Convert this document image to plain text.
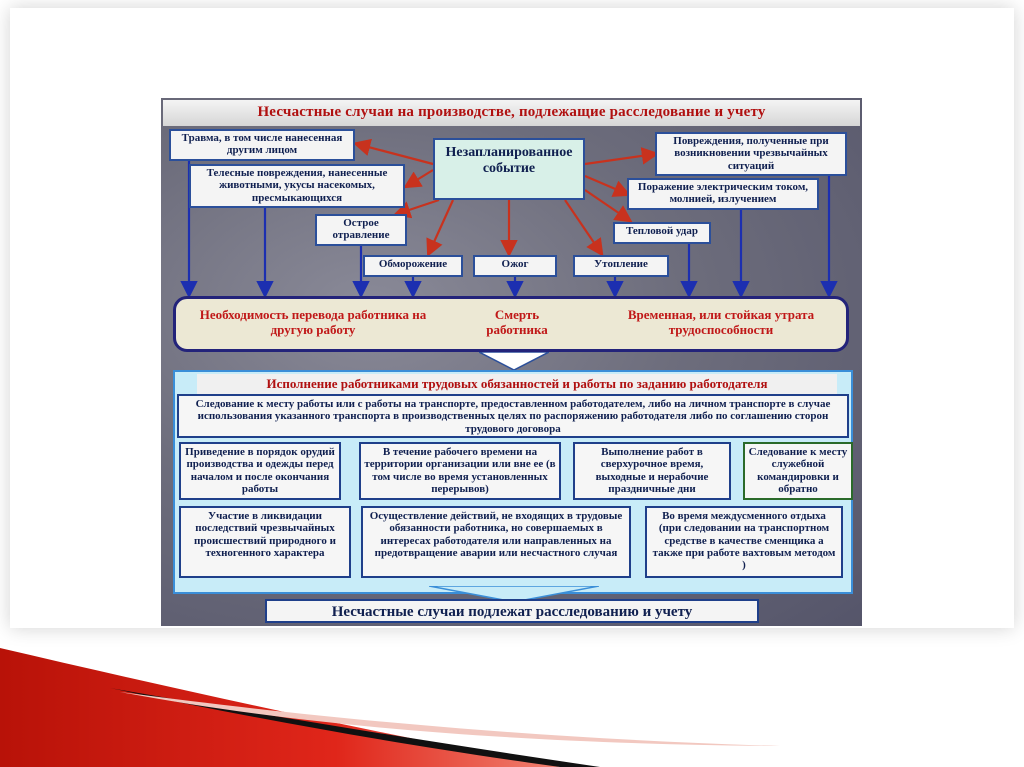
Несчастные случаи на производстве, подлежащие расследование и учету
Травма, в том числе нанесенная другим лицом
Телесные повреждения, нанесенные животными, укусы насекомых, пресмыкающихся
Острое отравление
Незапланированное событие
Повреждения, полученные при возникновении чрезвычайных ситуаций
Поражение электрическим током, молнией, излучением
Тепловой удар
Обморожение	Ожог	Утопление
Необходимость перевода работника на другую работу
Смерть работника
Временная, или стойкая утрата трудоспособности
Исполнение работниками трудовых обязанностей и работы по заданию работодателя
Следование к месту работы или с работы на транспорте, предоставленном работодателем, либо на личном транспорте в случае использования указанного транспорта в производственных целях по распоряжению работодателя либо по соглашению сторон трудового договора
Приведение в порядок орудий производства и одежды перед началом и после окончания работы
В течение рабочего времени на территории организации или вне ее (в том числе во время установленных перерывов)
Выполнение работ в сверхурочное время, выходные и нерабочие праздничные дни
Следование к месту служебной командировки и обратно
Участие в ликвидации последствий чрезвычайных происшествий природного и техногенного характера
Осуществление действий, не входящих в трудовые обязанности работника, но совершаемых в интересах работодателя или направленных на предотвращение аварии или несчастного случая
Во время междусменного отдыха (при следовании на транспортном средстве в качестве сменщика а также при работе вахтовым методом )
Несчастные случаи подлежат расследованию и учету
